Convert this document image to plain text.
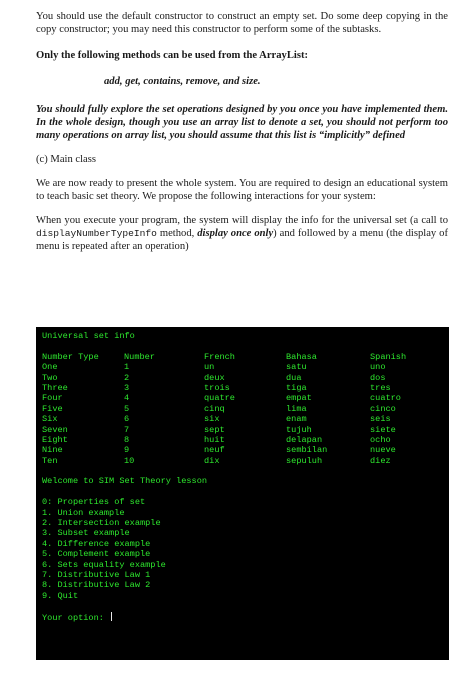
You should use the default constructor to construct an empty set. Do some deep copying in the copy constructor; you may need this constructor to perform some of the subtasks.

Only the following methods can be used from the ArrayList:

add, get, contains, remove, and size.

You should fully explore the set operations designed by you once you have implemented them. In the whole design, though you use an array list to denote a set, you should not perform too many operations on array list, you should assume that this list is “implicitly” defined

(c) Main class

We are now ready to present the whole system. You are required to design an educational system to teach basic set theory. We propose the following interactions for your system:

When you execute your program, the system will display the info for the universal set (a call to displayNumberTypeInfo method, display once only) and followed by a menu (the display of menu is repeated after an operation)

Universal set info
Number Type	Number	French	Bahasa	Spanish
One	1	un	satu	uno
Two	2	deux	dua	dos
Three	3	trois	tiga	tres
Four	4	quatre	empat	cuatro
Five	5	cinq	lima	cinco
Six	6	six	enam	seis
Seven	7	sept	tujuh	siete
Eight	8	huit	delapan	ocho
Nine	9	neuf	sembilan	nueve
Ten	10	dix	sepuluh	diez
Welcome to SIM Set Theory lesson
0: Properties of set
1. Union example
2. Intersection example
3. Subset example
4. Difference example
5. Complement example
6. Sets equality example
7. Distributive Law 1
8. Distributive Law 2
9. Quit
Your option:
